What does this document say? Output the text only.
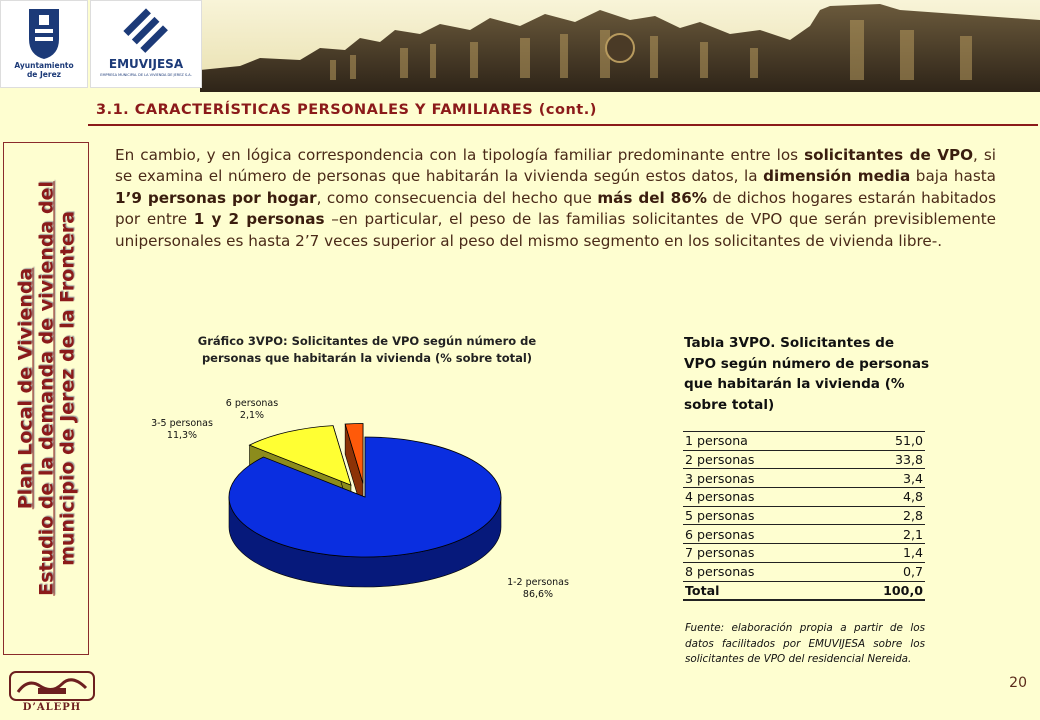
Ayuntamiento
de Jerez
EMUVIJESA
EMPRESA MUNICIPAL DE LA VIVIENDA DE JEREZ S.A.
3.1. CARACTERÍSTICAS PERSONALES Y FAMILIARES (cont.)
Plan Local de Vivienda Estudio de la demanda de vivienda del municipio de Jerez de la Frontera

En cambio, y en lógica correspondencia con la tipología familiar predominante entre los solicitantes de VPO, si se examina el número de personas que habitarán la vivienda según estos datos, la dimensión media baja hasta 1’9 personas por hogar, como consecuencia del hecho que más del 86% de dichos hogares estarán habitados por entre 1 y 2 personas –en particular, el peso de las familias solicitantes de VPO que serán previsiblemente unipersonales es hasta 2’7 veces superior al peso del mismo segmento en los solicitantes de vivienda libre-.

Gráfico 3VPO: Solicitantes de VPO según número de
personas que habitarán la vivienda (% sobre total)
1-2 personas
86,6%
3-5 personas
11,3%
6 personas
2,1%
Tabla 3VPO. Solicitantes de VPO según número de personas que habitarán la vivienda (% sobre total)
1 persona	51,0
2 personas	33,8
3 personas	3,4
4 personas	4,8
5 personas	2,8
6 personas	2,1
7 personas	1,4
8 personas	0,7
Total	100,0

Fuente: elaboración propia a partir de los datos facilitados por EMUVIJESA sobre los solicitantes de VPO del residencial Nereida.

D’ALEPH
20
